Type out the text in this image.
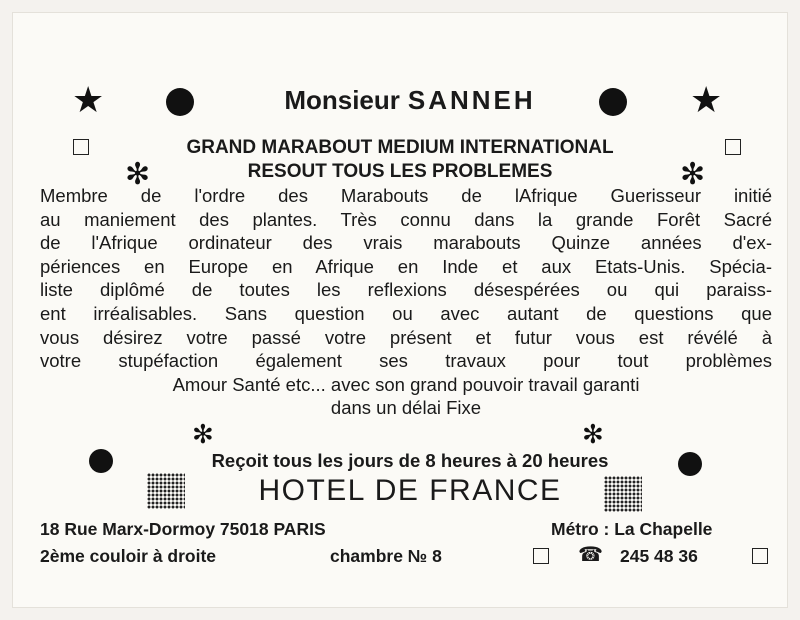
★	Monsieur SANNEH	★
GRAND MARABOUT MEDIUM INTERNATIONAL
✻	RESOUT TOUS LES PROBLEMES	✻
Membre de l'ordre des Marabouts de lAfrique Guerisseur initié
au maniement des plantes. Très connu dans la grande Forêt Sacré
de l'Afrique ordinateur des vrais marabouts Quinze années d'ex-
périences en Europe en Afrique en Inde et aux Etats-Unis. Spécia-
liste diplômé de toutes les reflexions désespérées ou qui paraiss-
ent irréalisables. Sans question ou avec autant de questions que
vous désirez votre passé votre présent et futur vous est révélé à
votre stupéfaction également ses travaux pour tout problèmes
Amour Santé etc... avec son grand pouvoir travail garanti
dans un délai Fixe
✻	✻
Reçoit tous les jours de 8 heures à 20 heures
HOTEL DE FRANCE
18 Rue Marx-Dormoy 75018 PARIS	Métro : La Chapelle
2ème couloir à droite	chambre № 8	☎ 245 48 36
